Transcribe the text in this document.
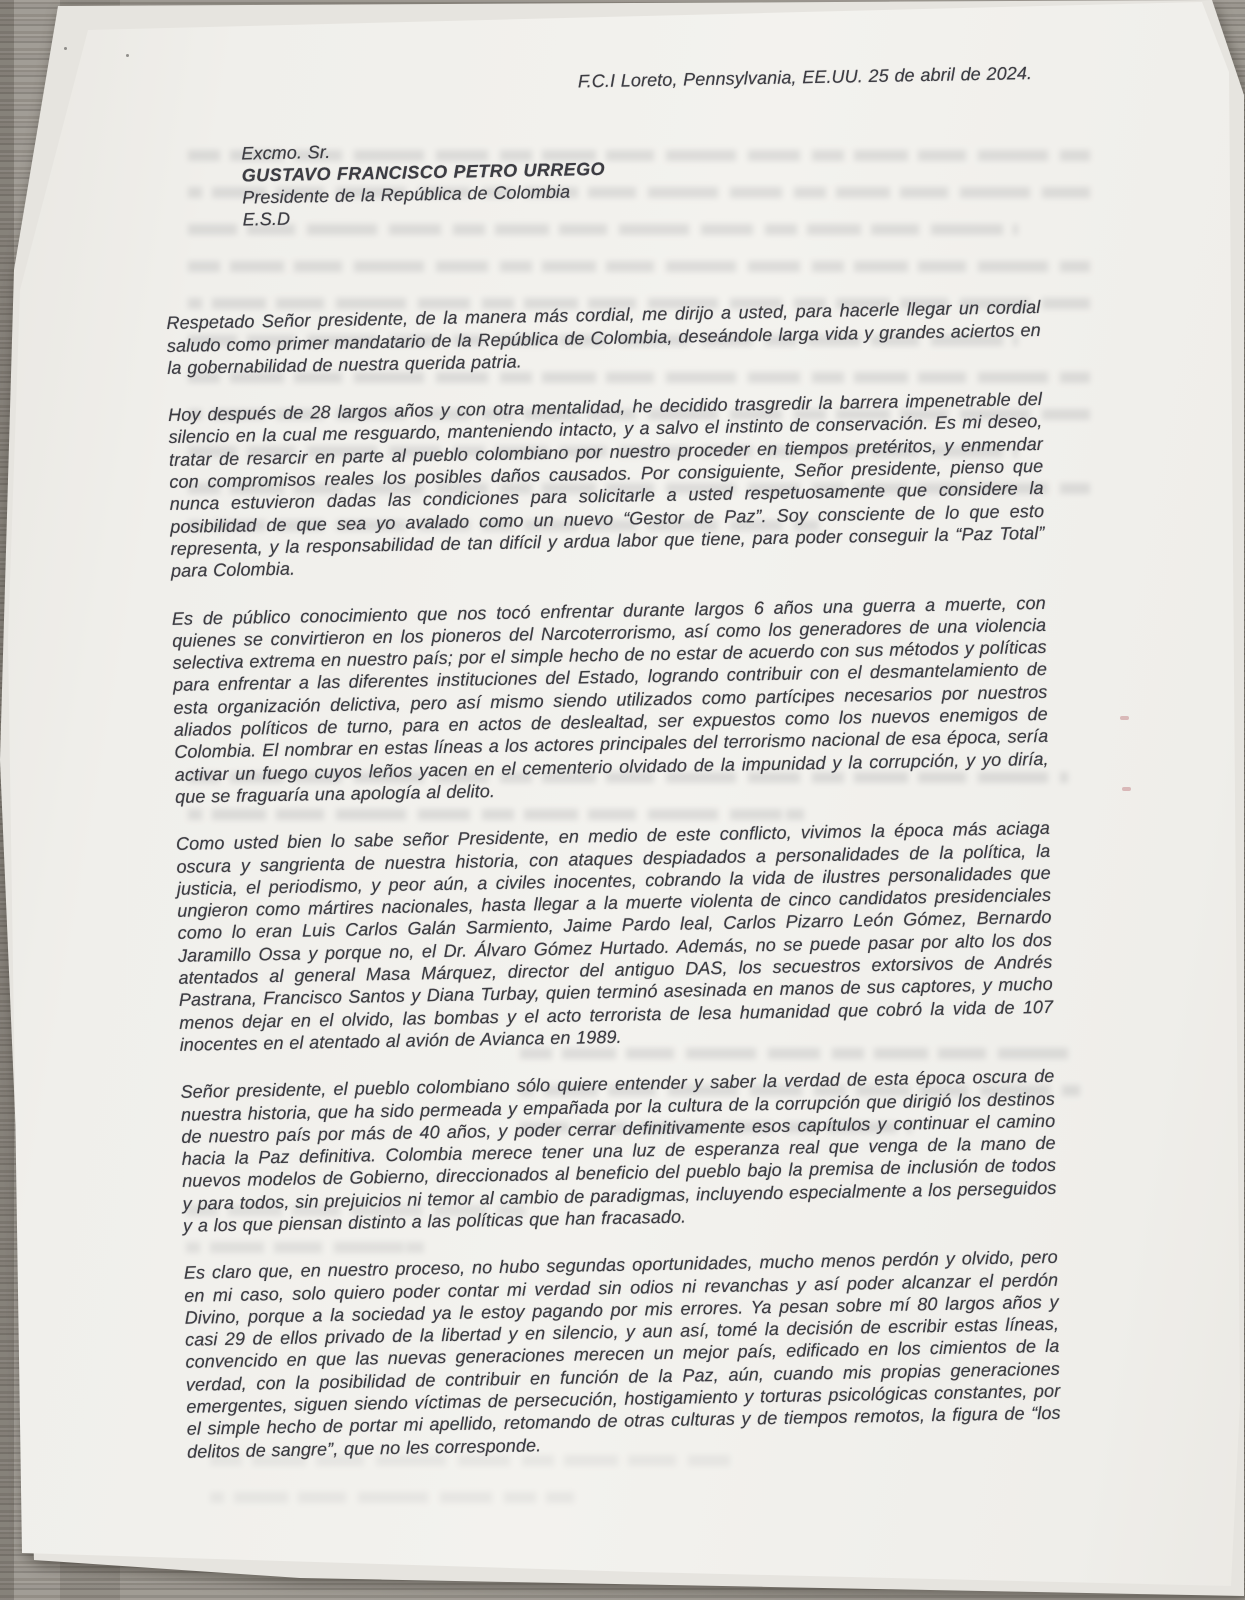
F.C.I Loreto, Pennsylvania, EE.UU. 25 de abril de 2024.
Excmo. Sr.
GUSTAVO FRANCISCO PETRO URREGO
Presidente de la República de Colombia
E.S.D

Respetado Señor presidente, de la manera más cordial, me dirijo a usted, para hacerle llegar un cordial saludo como primer mandatario de la República de Colombia, deseándole larga vida y grandes aciertos en la gobernabilidad de nuestra querida patria.

Hoy después de 28 largos años y con otra mentalidad, he decidido trasgredir la barrera impenetrable del silencio en la cual me resguardo, manteniendo intacto, y a salvo el instinto de conservación. Es mi deseo, tratar de resarcir en parte al pueblo colombiano por nuestro proceder en tiempos pretéritos, y enmendar con compromisos reales los posibles daños causados. Por consiguiente, Señor presidente, pienso que nunca estuvieron dadas las condiciones para solicitarle a usted respetuosamente que considere la posibilidad de que sea yo avalado como un nuevo “Gestor de Paz”. Soy consciente de lo que esto representa, y la responsabilidad de tan difícil y ardua labor que tiene, para poder conseguir la “Paz Total” para Colombia.

Es de público conocimiento que nos tocó enfrentar durante largos 6 años una guerra a muerte, con quienes se convirtieron en los pioneros del Narcoterrorismo, así como los generadores de una violencia selectiva extrema en nuestro país; por el simple hecho de no estar de acuerdo con sus métodos y políticas para enfrentar a las diferentes instituciones del Estado, logrando contribuir con el desmantelamiento de esta organización delictiva, pero así mismo siendo utilizados como partícipes necesarios por nuestros aliados políticos de turno, para en actos de deslealtad, ser expuestos como los nuevos enemigos de Colombia. El nombrar en estas líneas a los actores principales del terrorismo nacional de esa época, sería activar un fuego cuyos leños yacen en el cementerio olvidado de la impunidad y la corrupción, y yo diría, que se fraguaría una apología al delito.

Como usted bien lo sabe señor Presidente, en medio de este conflicto, vivimos la época más aciaga oscura y sangrienta de nuestra historia, con ataques despiadados a personalidades de la política, la justicia, el periodismo, y peor aún, a civiles inocentes, cobrando la vida de ilustres personalidades que ungieron como mártires nacionales, hasta llegar a la muerte violenta de cinco candidatos presidenciales como lo eran Luis Carlos Galán Sarmiento, Jaime Pardo leal, Carlos Pizarro León Gómez, Bernardo Jaramillo Ossa y porque no, el Dr. Álvaro Gómez Hurtado. Además, no se puede pasar por alto los dos atentados al general Masa Márquez, director del antiguo DAS, los secuestros extorsivos de Andrés Pastrana, Francisco Santos y Diana Turbay, quien terminó asesinada en manos de sus captores, y mucho menos dejar en el olvido, las bombas y el acto terrorista de lesa humanidad que cobró la vida de 107 inocentes en el atentado al avión de Avianca en 1989.

Señor presidente, el pueblo colombiano sólo quiere entender y saber la verdad de esta época oscura de nuestra historia, que ha sido permeada y empañada por la cultura de la corrupción que dirigió los destinos de nuestro país por más de 40 años, y poder cerrar definitivamente esos capítulos y continuar el camino hacia la Paz definitiva. Colombia merece tener una luz de esperanza real que venga de la mano de nuevos modelos de Gobierno, direccionados al beneficio del pueblo bajo la premisa de inclusión de todos y para todos, sin prejuicios ni temor al cambio de paradigmas, incluyendo especialmente a los perseguidos y a los que piensan distinto a las políticas que han fracasado.

Es claro que, en nuestro proceso, no hubo segundas oportunidades, mucho menos perdón y olvido, pero en mi caso, solo quiero poder contar mi verdad sin odios ni revanchas y así poder alcanzar el perdón Divino, porque a la sociedad ya le estoy pagando por mis errores. Ya pesan sobre mí 80 largos años y casi 29 de ellos privado de la libertad y en silencio, y aun así, tomé la decisión de escribir estas líneas, convencido en que las nuevas generaciones merecen un mejor país, edificado en los cimientos de la verdad, con la posibilidad de contribuir en función de la Paz, aún, cuando mis propias generaciones emergentes, siguen siendo víctimas de persecución, hostigamiento y torturas psicológicas constantes, por el simple hecho de portar mi apellido, retomando de otras culturas y de tiempos remotos, la figura de “los delitos de sangre”, que no les corresponde.
